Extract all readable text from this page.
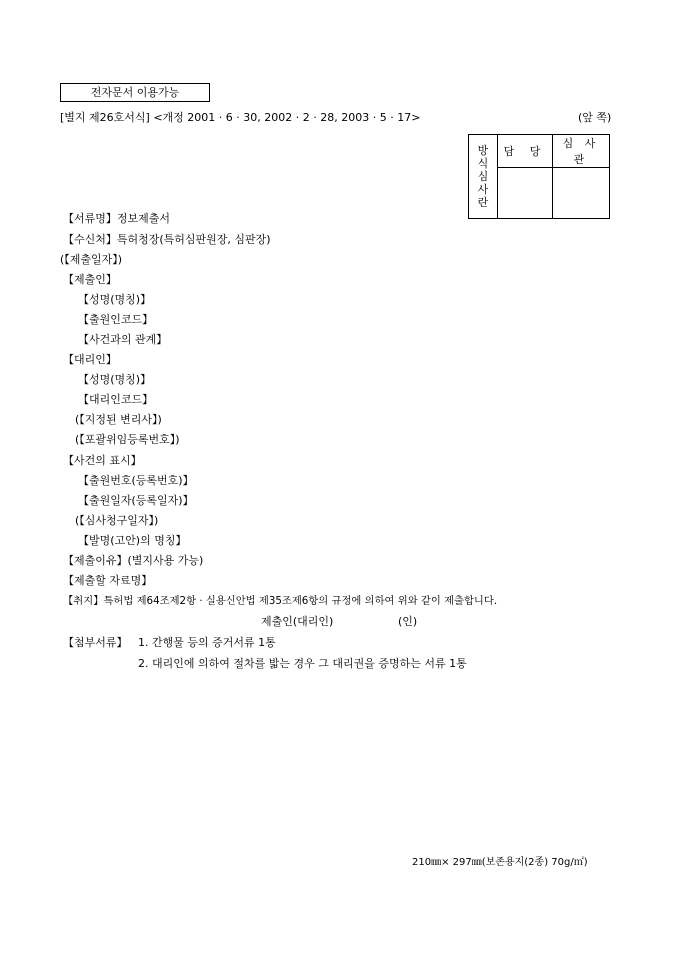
전자문서 이용가능
[별지 제26호서식] <개정 2001 · 6 · 30, 2002 · 2 · 28, 2003 · 5 · 17>	(앞 쪽)
방
식
심
사
란	담 당	심 사 관

【서류명】정보제출서
【수신처】특허청장(특허심판원장, 심판장)
(【제출일자】)
【제출인】
【성명(명칭)】
【출원인코드】
【사건과의 관계】
【대리인】
【성명(명칭)】
【대리인코드】
(【지정된 변리사】)
(【포괄위임등록번호】)
【사건의 표시】
【출원번호(등록번호)】
【출원일자(등록일자)】
(【심사청구일자】)
【발명(고안)의 명칭】
【제출이유】(별지사용 가능)
【제출할 자료명】
【취지】특허법 제64조제2항 · 실용신안법 제35조제6항의 규정에 의하여 위와 같이 제출합니다.
제출인(대리인)	(인)
【첨부서류】 1. 간행물 등의 증거서류 1통
2. 대리인에 의하여 절차를 밟는 경우 그 대리권을 증명하는 서류 1통
210㎜× 297㎜(보존용지(2종) 70g/㎡)
